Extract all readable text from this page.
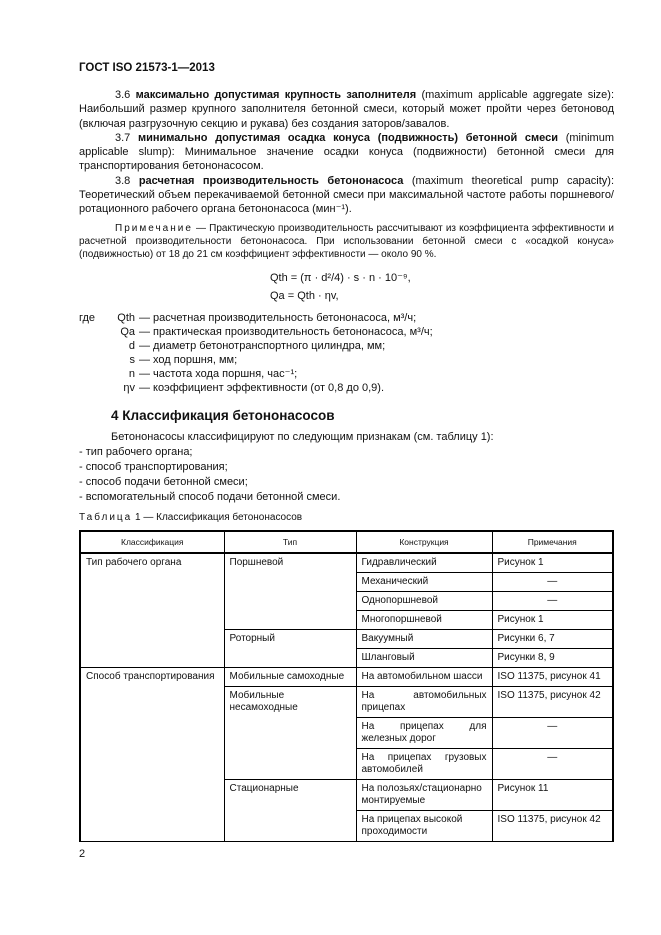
ГОСТ ISO 21573-1—2013

3.6 максимально допустимая крупность заполнителя (maximum applicable aggregate size): Наибольший размер крупного заполнителя бетонной смеси, который может пройти через бетоновод (включая разгрузочную секцию и рукава) без создания заторов/завалов.

3.7 минимально допустимая осадка конуса (подвижность) бетонной смеси (minimum applicable slump): Минимальное значение осадки конуса (подвижности) бетонной смеси для транспортирования бетононасосом.

3.8 расчетная производительность бетононасоса (maximum theoretical pump capacity): Теоретический объем перекачиваемой бетонной смеси при максимальной частоте работы поршневого/ротационного рабочего органа бетононасоса (мин⁻¹).

Примечание — Практическую производительность рассчитывают из коэффициента эффективности и расчетной производительности бетононасоса. При использовании бетонной смеси с «осадкой конуса» (подвижностью) от 18 до 21 см коэффициент эффективности — около 90 %.

Qth = (π · d²/4) · s · n · 10⁻⁹,
Qa = Qth · ηv,
где Qth — расчетная производительность бетононасоса, м³/ч;
Qa — практическая производительность бетононасоса, м³/ч;
d — диаметр бетонотранспортного цилиндра, мм;
s — ход поршня, мм;
n — частота хода поршня, час⁻¹;
ηv — коэффициент эффективности (от 0,8 до 0,9).
4 Классификация бетононасосов
Бетононасосы классифицируют по следующим признакам (см. таблицу 1):
- тип рабочего органа;
- способ транспортирования;
- способ подачи бетонной смеси;
- вспомогательный способ подачи бетонной смеси.
Таблица 1 — Классификация бетононасосов
Классификация	Тип	Конструкция	Примечания
Тип рабочего органа	Поршневой	Гидравлический	Рисунок 1
		Механический	—
		Однопоршневой	—
		Многопоршневой	Рисунок 1
	Роторный	Вакуумный	Рисунки 6, 7
		Шланговый	Рисунки 8, 9
Способ транспортирования	Мобильные самоходные	На автомобильном шасси	ISO 11375, рисунок 41
	Мобильные несамоходные	На автомобильных прицепах	ISO 11375, рисунок 42
		На прицепах для железных дорог	—
		На прицепах грузовых автомобилей	—
	Стационарные	На полозьях/стационарно монтируемые	Рисунок 11
		На прицепах высокой проходимости	ISO 11375, рисунок 42
2
